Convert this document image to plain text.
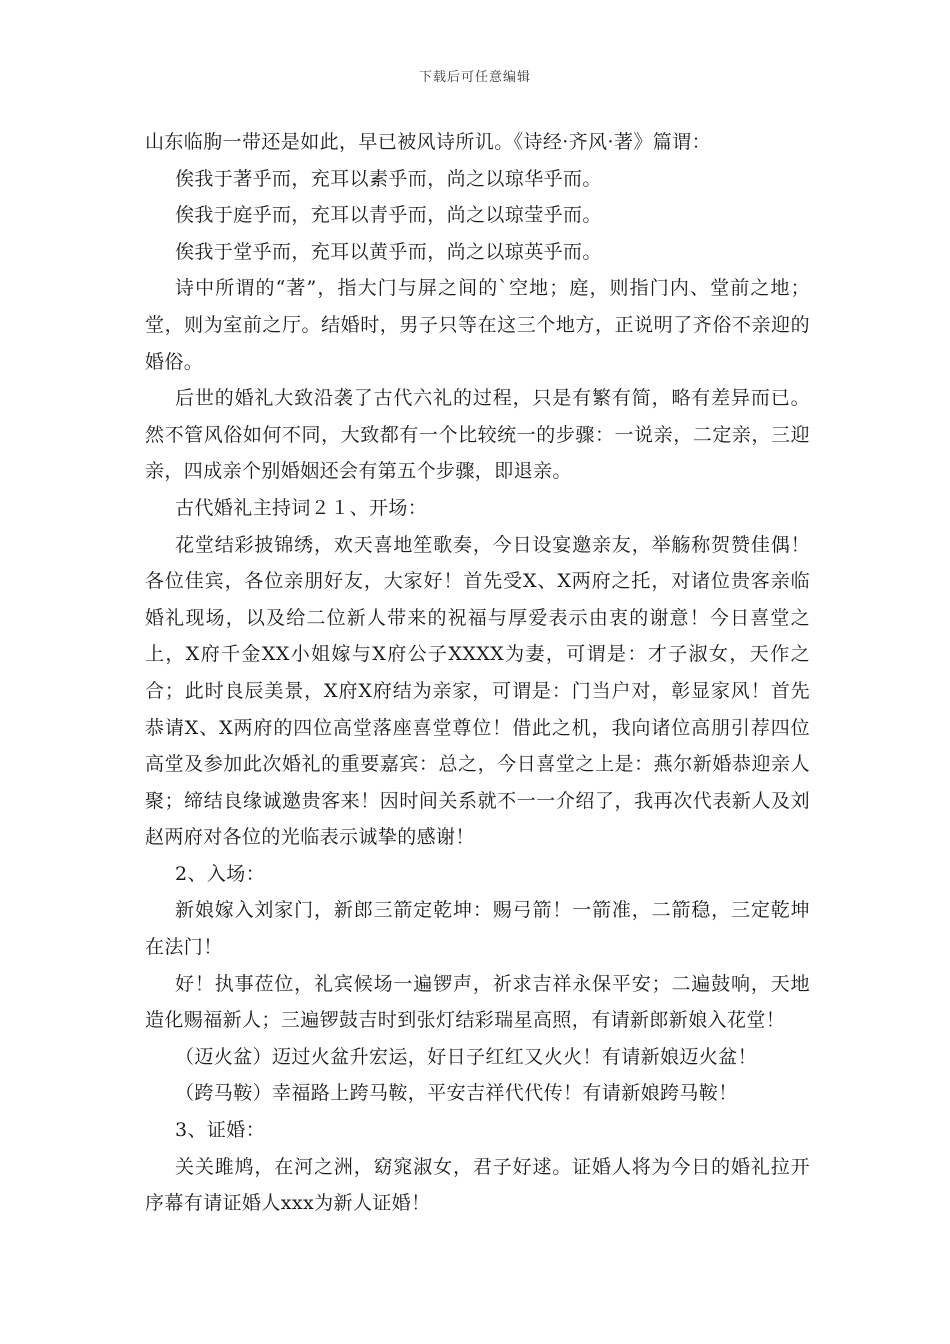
下载后可任意编辑

山东临朐一带还是如此，早已被风诗所讥。《诗经·齐风·著》篇谓：

俟我于著乎而，充耳以素乎而，尚之以琼华乎而。

俟我于庭乎而，充耳以青乎而，尚之以琼莹乎而。

俟我于堂乎而，充耳以黄乎而，尚之以琼英乎而。

诗中所谓的“著”，指大门与屏之间的`空地；庭，则指门内、堂前之地；堂，则为室前之厅。结婚时，男子只等在这三个地方，正说明了齐俗不亲迎的婚俗。

后世的婚礼大致沿袭了古代六礼的过程，只是有繁有简，略有差异而已。然不管风俗如何不同，大致都有一个比较统一的步骤：一说亲，二定亲，三迎亲，四成亲个别婚姻还会有第五个步骤，即退亲。

古代婚礼主持词２１、开场：

花堂结彩披锦绣，欢天喜地笙歌奏，今日设宴邀亲友，举觞称贺赞佳偶！各位佳宾，各位亲朋好友，大家好！首先受X、X两府之托，对诸位贵客亲临婚礼现场，以及给二位新人带来的祝福与厚爱表示由衷的谢意！今日喜堂之上，X府千金XX小姐嫁与X府公子XXXX为妻，可谓是：才子淑女，天作之合；此时良辰美景，X府X府结为亲家，可谓是：门当户对，彰显家风！首先恭请X、X两府的四位高堂落座喜堂尊位！借此之机，我向诸位高朋引荐四位高堂及参加此次婚礼的重要嘉宾：总之，今日喜堂之上是：燕尔新婚恭迎亲人聚；缔结良缘诚邀贵客来！因时间关系就不一一介绍了，我再次代表新人及刘赵两府对各位的光临表示诚挚的感谢！

2、入场：

新娘嫁入刘家门，新郎三箭定乾坤：赐弓箭！一箭准，二箭稳，三定乾坤在法门！

好！执事莅位，礼宾候场一遍锣声，祈求吉祥永保平安；二遍鼓响，天地造化赐福新人；三遍锣鼓吉时到张灯结彩瑞星高照，有请新郎新娘入花堂！

（迈火盆）迈过火盆升宏运，好日子红红又火火！有请新娘迈火盆！

（跨马鞍）幸福路上跨马鞍，平安吉祥代代传！有请新娘跨马鞍！

3、证婚：

关关雎鸠，在河之洲，窈窕淑女，君子好逑。证婚人将为今日的婚礼拉开序幕有请证婚人xxx为新人证婚！
